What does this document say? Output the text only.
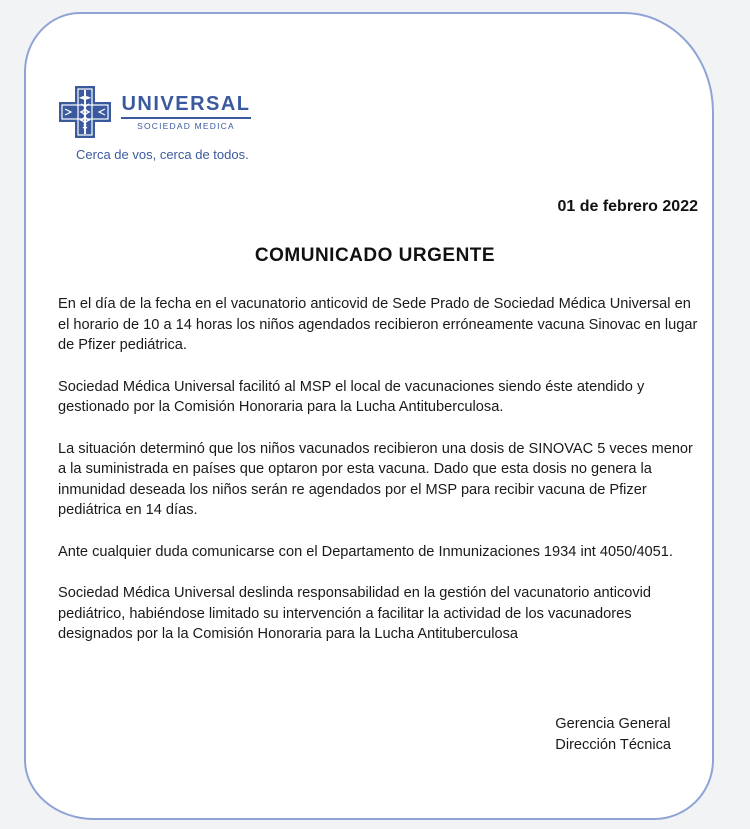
UNIVERSAL
SOCIEDAD MEDICA
Cerca de vos, cerca de todos.
01 de febrero 2022
COMUNICADO URGENTE

En el día de la fecha en el vacunatorio anticovid de Sede Prado de Sociedad Médica Universal en el horario de 10 a 14 horas los niños agendados recibieron erróneamente vacuna Sinovac en lugar de Pfizer pediátrica.

Sociedad Médica Universal facilitó al MSP el local de vacunaciones siendo éste atendido y gestionado por la Comisión Honoraria para la Lucha Antituberculosa.

La situación determinó que los niños vacunados recibieron una dosis de SINOVAC 5 veces menor a la suministrada en países que optaron por esta vacuna. Dado que esta dosis no genera la inmunidad deseada los niños serán re agendados por el MSP para recibir vacuna de Pfizer pediátrica en 14 días.

Ante cualquier duda comunicarse con el Departamento de Inmunizaciones 1934 int 4050/4051.

Sociedad Médica Universal deslinda responsabilidad en la gestión del vacunatorio anticovid pediátrico, habiéndose limitado su intervención a facilitar la actividad de los vacunadores designados por la la Comisión Honoraria para la Lucha Antituberculosa

Gerencia General
Dirección Técnica
